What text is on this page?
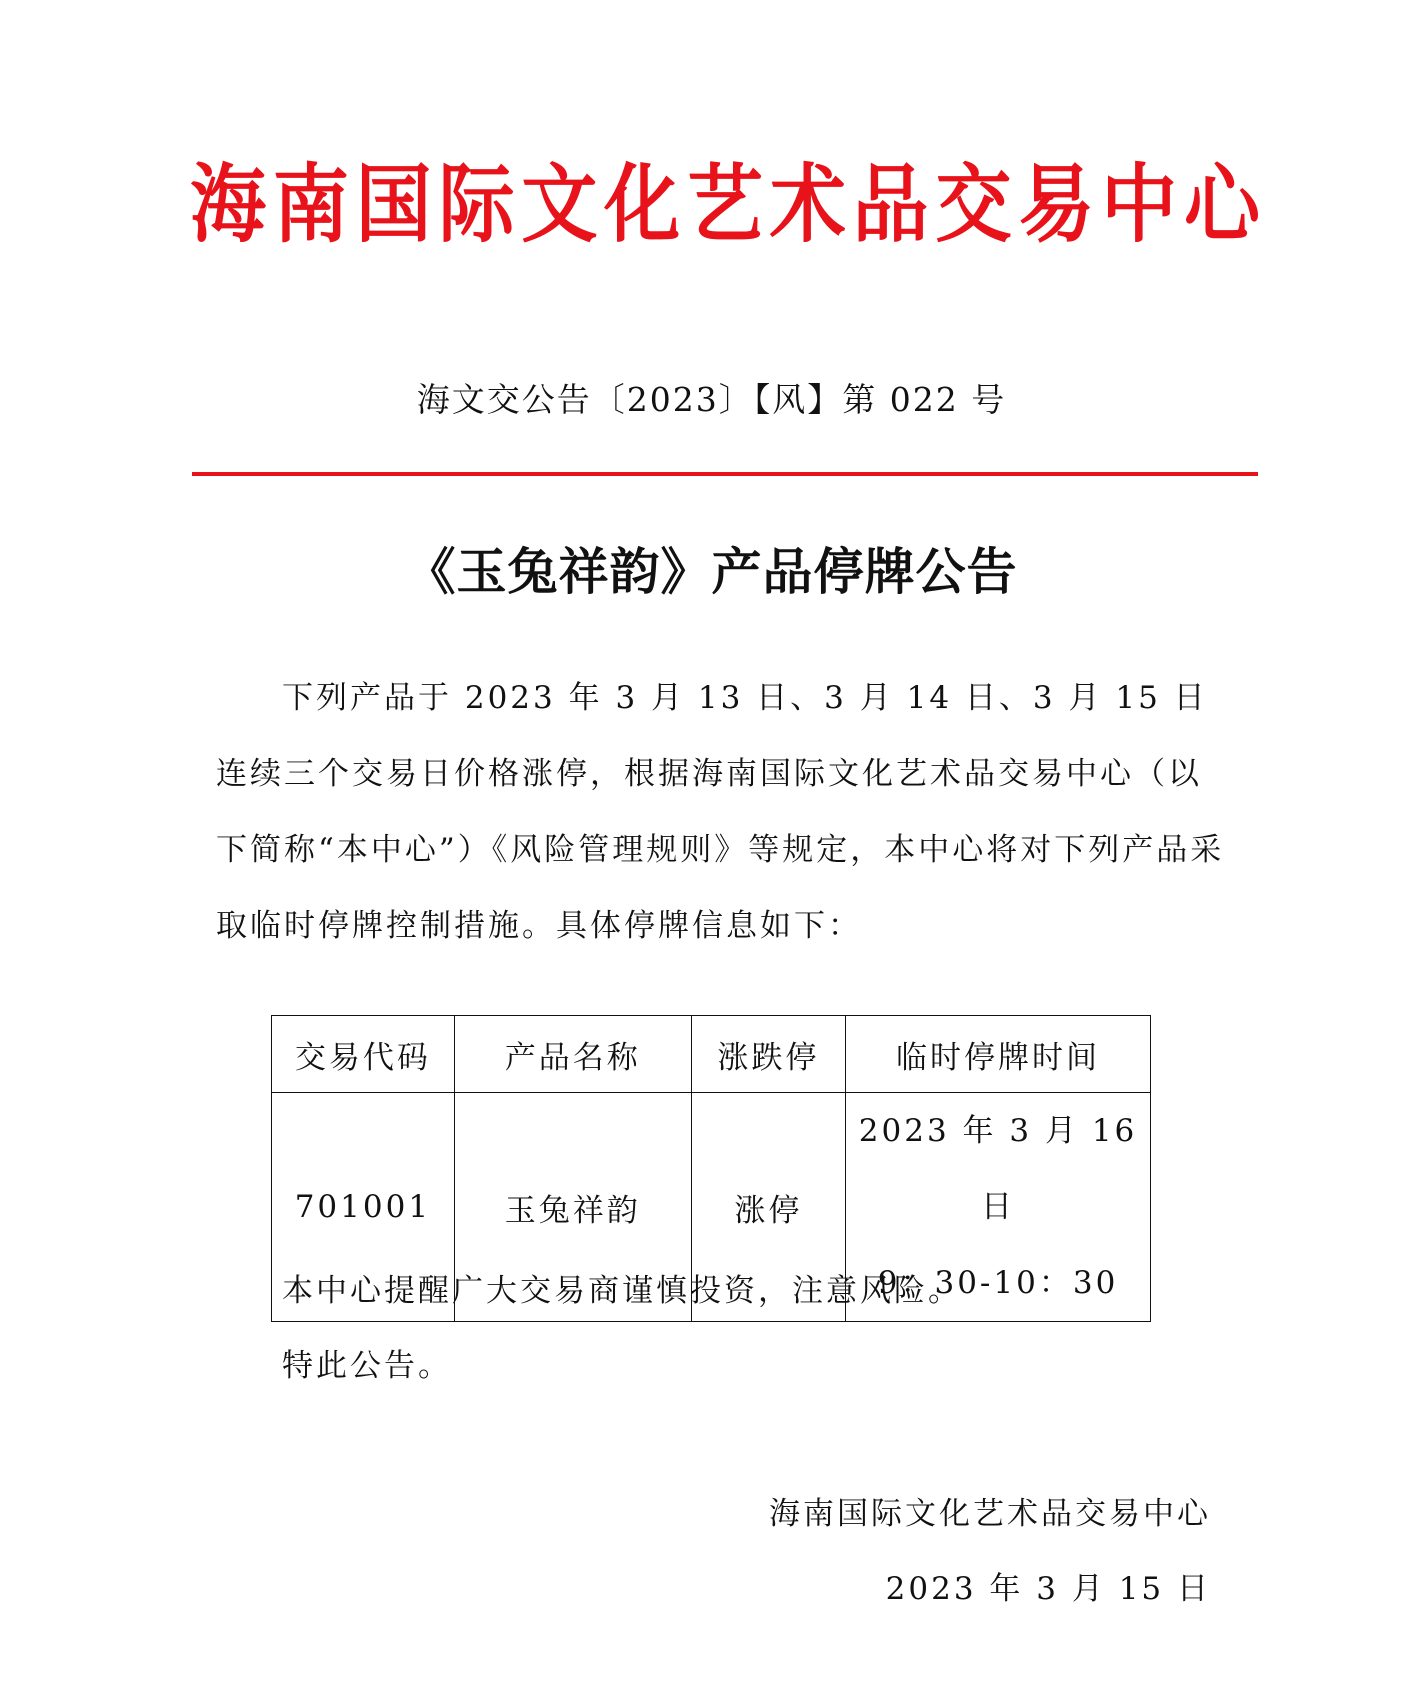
海 南 国 际 文 化 艺 术 品 交 易 中 心
海文交公告〔2023〕【风】第 022 号
《玉兔祥韵》产品停牌公告

下列产品于 2023 年 3 月 13 日、3 月 14 日、3 月 15 日连续三个交易日价格涨停，根据海南国际文化艺术品交易中心（以下简称“本中心”）《风险管理规则》等规定，本中心将对下列产品采取临时停牌控制措施。具体停牌信息如下：

交易代码	产品名称	涨跌停	临时停牌时间
701001	玉兔祥韵	涨停	2023 年 3 月 16 日
9：30-10：30
本中心提醒广大交易商谨慎投资，注意风险。
特此公告。
海南国际文化艺术品交易中心
2023 年 3 月 15 日
